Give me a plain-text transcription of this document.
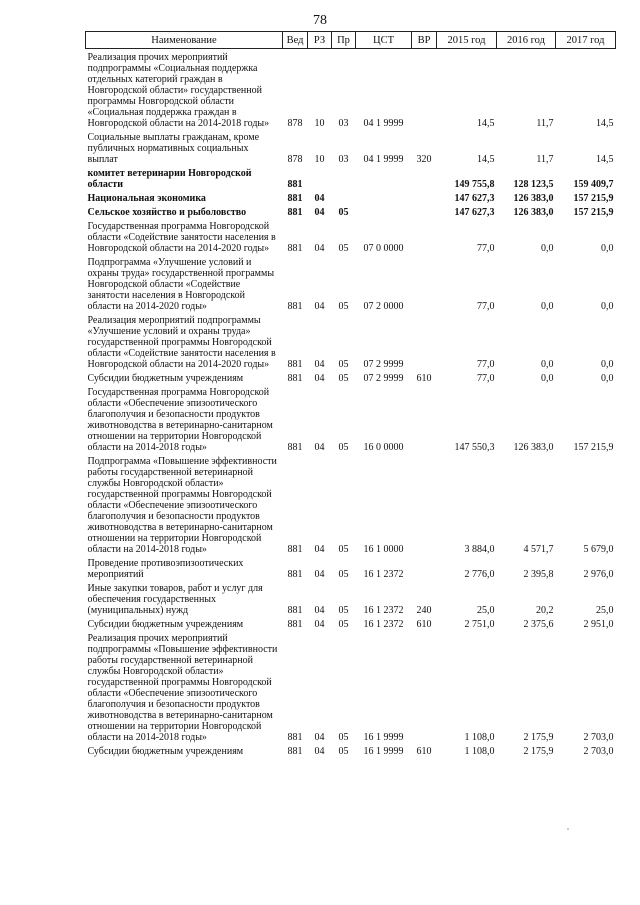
78
Наименование	Вед	РЗ	Пр	ЦСТ	ВР	2015 год	2016 год	2017 год
Реализация прочих мероприятий подпрограммы «Социальная поддержка отдельных категорий граждан в Новгородской области» государственной программы Новгородской области «Социальная поддержка граждан в Новгородской области на 2014-2018 годы»	878	10	03	04 1 9999		14,5	11,7	14,5
Социальные выплаты гражданам, кроме публичных нормативных социальных выплат	878	10	03	04 1 9999	320	14,5	11,7	14,5
комитет ветеринарии Новгородской области	881					149 755,8	128 123,5	159 409,7
Национальная экономика	881	04				147 627,3	126 383,0	157 215,9
Сельское хозяйство и рыболовство	881	04	05			147 627,3	126 383,0	157 215,9
Государственная программа Новгородской области «Содействие занятости населения в Новгородской области на 2014-2020 годы»	881	04	05	07 0 0000		77,0	0,0	0,0
Подпрограмма «Улучшение условий и охраны труда» государственной программы Новгородской области «Содействие занятости населения в Новгородской области на 2014-2020 годы»	881	04	05	07 2 0000		77,0	0,0	0,0
Реализация мероприятий подпрограммы «Улучшение условий и охраны труда» государственной программы Новгородской области «Содействие занятости населения в Новгородской области на 2014-2020 годы»	881	04	05	07 2 9999		77,0	0,0	0,0
Субсидии бюджетным учреждениям	881	04	05	07 2 9999	610	77,0	0,0	0,0
Государственная программа Новгородской области «Обеспечение эпизоотического благополучия и безопасности продуктов животноводства в ветеринарно-санитарном отношении на территории Новгородской области на 2014-2018 годы»	881	04	05	16 0 0000		147 550,3	126 383,0	157 215,9
Подпрограмма «Повышение эффективности работы государственной ветеринарной службы Новгородской области» государственной программы Новгородской области «Обеспечение эпизоотического благополучия и безопасности продуктов животноводства в ветеринарно-санитарном отношении на территории Новгородской области на 2014-2018 годы»	881	04	05	16 1 0000		3 884,0	4 571,7	5 679,0
Проведение противоэпизоотических мероприятий	881	04	05	16 1 2372		2 776,0	2 395,8	2 976,0
Иные закупки товаров, работ и услуг для обеспечения государственных (муниципальных) нужд	881	04	05	16 1 2372	240	25,0	20,2	25,0
Субсидии бюджетным учреждениям	881	04	05	16 1 2372	610	2 751,0	2 375,6	2 951,0
Реализация прочих мероприятий подпрограммы «Повышение эффективности работы государственной ветеринарной службы Новгородской области» государственной программы Новгородской области «Обеспечение эпизоотического благополучия и безопасности продуктов животноводства в ветеринарно-санитарном отношении на территории Новгородской области на 2014-2018 годы»	881	04	05	16 1 9999		1 108,0	2 175,9	2 703,0
Субсидии бюджетным учреждениям	881	04	05	16 1 9999	610	1 108,0	2 175,9	2 703,0
